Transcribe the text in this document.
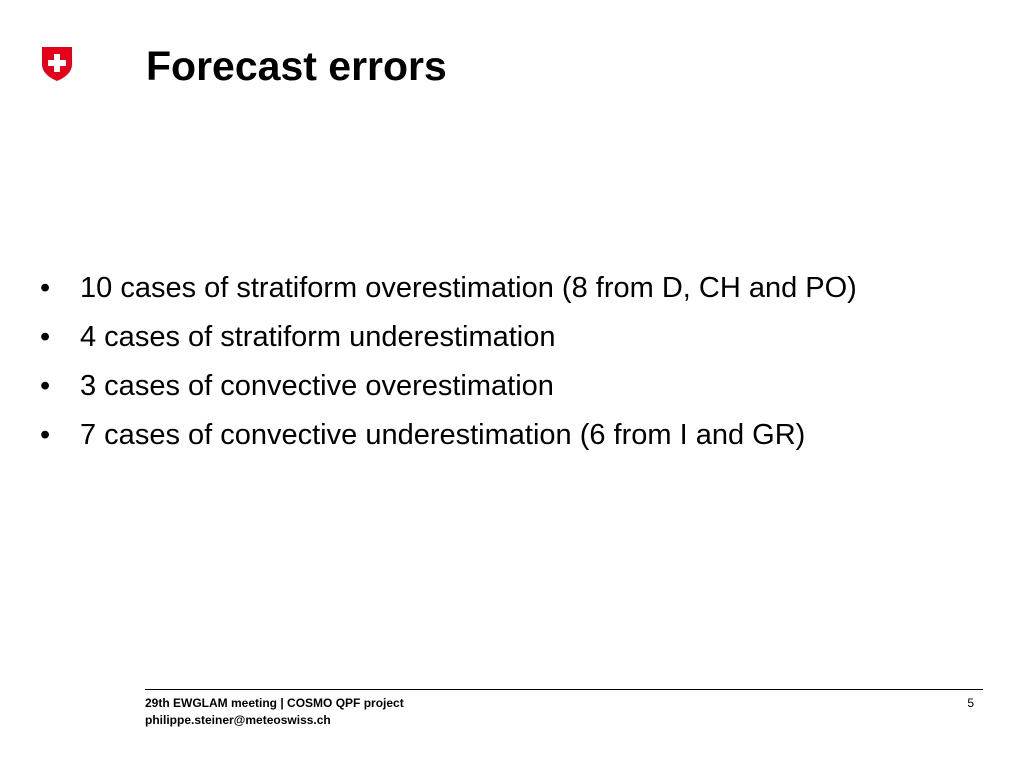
Forecast errors
• 10 cases of stratiform overestimation (8 from D, CH and PO)
• 4 cases of stratiform underestimation
• 3 cases of convective overestimation
• 7 cases of convective underestimation (6 from I and GR)
29th EWGLAM meeting | COSMO QPF project
philippe.steiner@meteoswiss.ch
5
